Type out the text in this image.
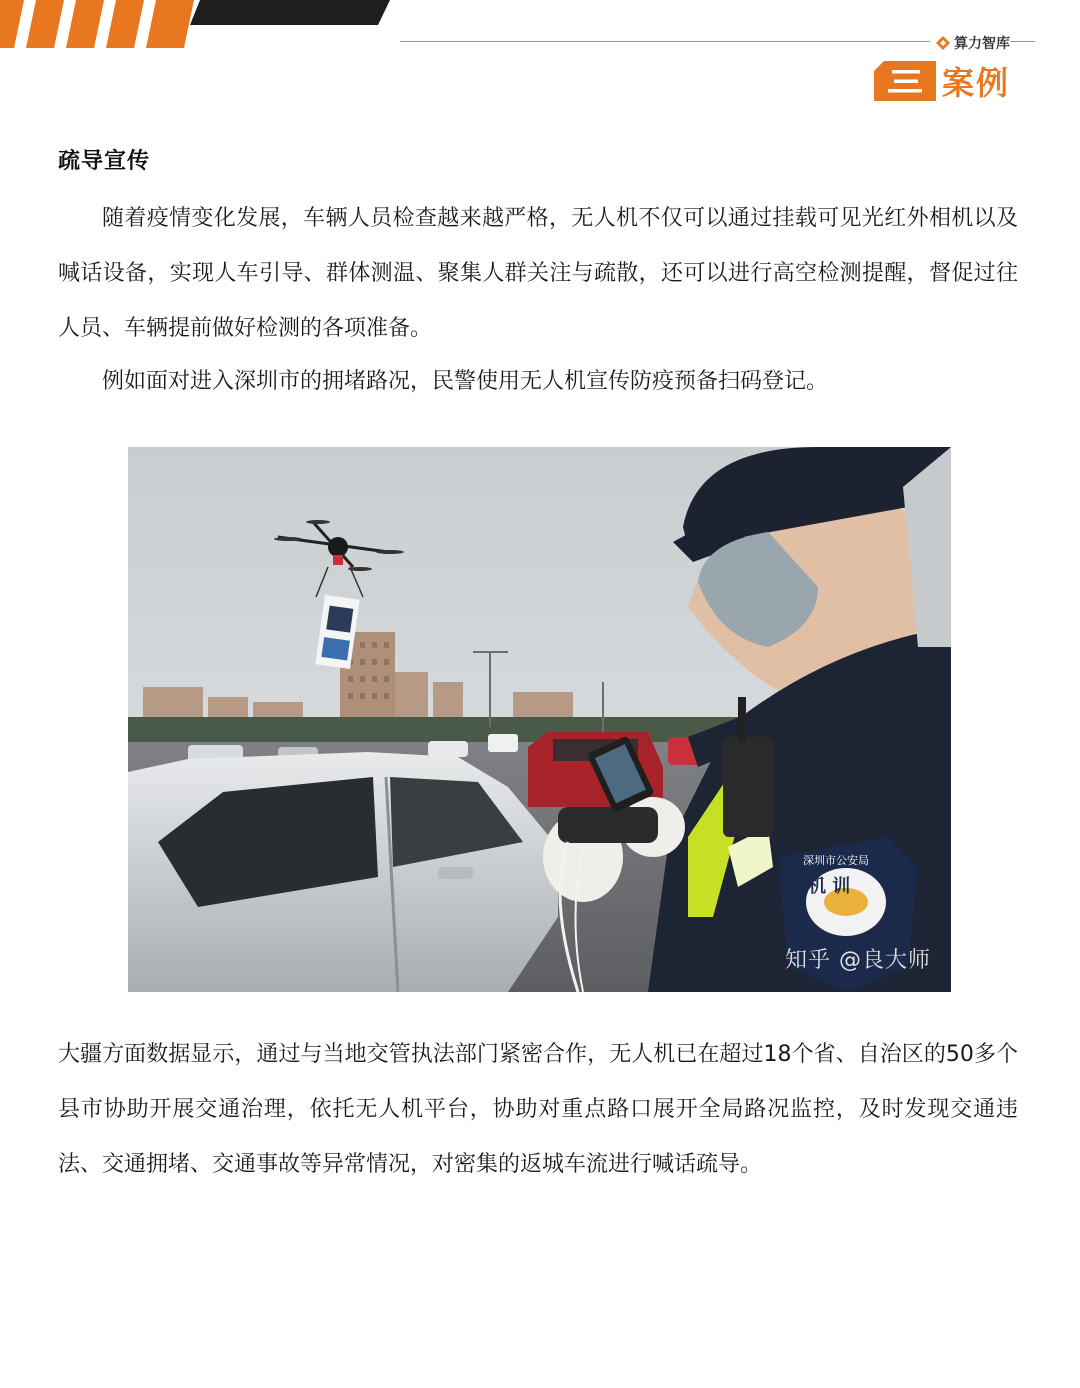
算力智库
案例
疏导宣传

随着疫情变化发展，车辆人员检查越来越严格，无人机不仅可以通过挂载可见光红外相机以及喊话设备，实现人车引导、群体测温、聚集人群关注与疏散，还可以进行高空检测提醒，督促过往人员、车辆提前做好检测的各项准备。

例如面对进入深圳市的拥堵路况，民警使用无人机宣传防疫预备扫码登记。

深圳市公安局
机 训
知乎 @良大师

大疆方面数据显示，通过与当地交管执法部门紧密合作，无人机已在超过18个省、自治区的50多个县市协助开展交通治理，依托无人机平台，协助对重点路口展开全局路况监控，及时发现交通违法、交通拥堵、交通事故等异常情况，对密集的返城车流进行喊话疏导。
